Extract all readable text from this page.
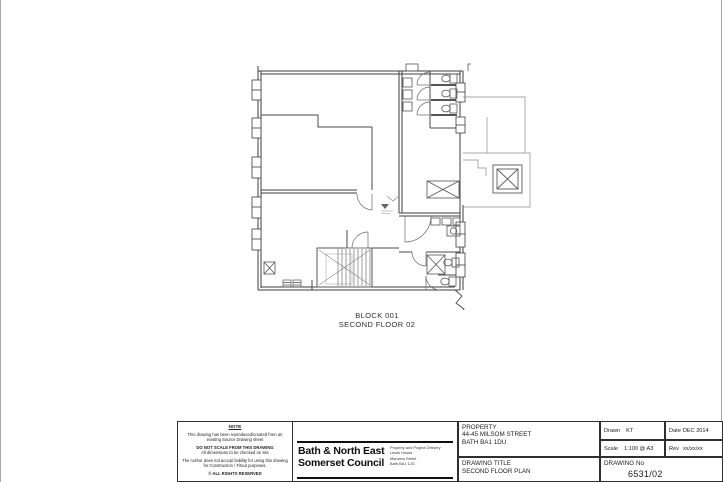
BLOCK 001
SECOND FLOOR 02
NOTE

This drawing has been reproduced/created from an existing Source Drawing sheet

DO NOT SCALE FROM THIS DRAWING

All dimensions to be checked on site

The Author does not accept liability for using this drawing for Construction / Fitout purposes.

© ALL RIGHTS RESERVED

Bath & North East
Somerset Council
Property and Project Delivery
Lewis House
Manvers Street
Bath BA1 1JG
PROPERTY
44-45 MILSOM STREET
BATH BA1 1DU
Drawn KT	Date DEC 2014
Scale 1:100 @ A3	Rev xx/xx/xx
DRAWING TITLE
SECOND FLOOR PLAN
DRAWING No
6531/02
